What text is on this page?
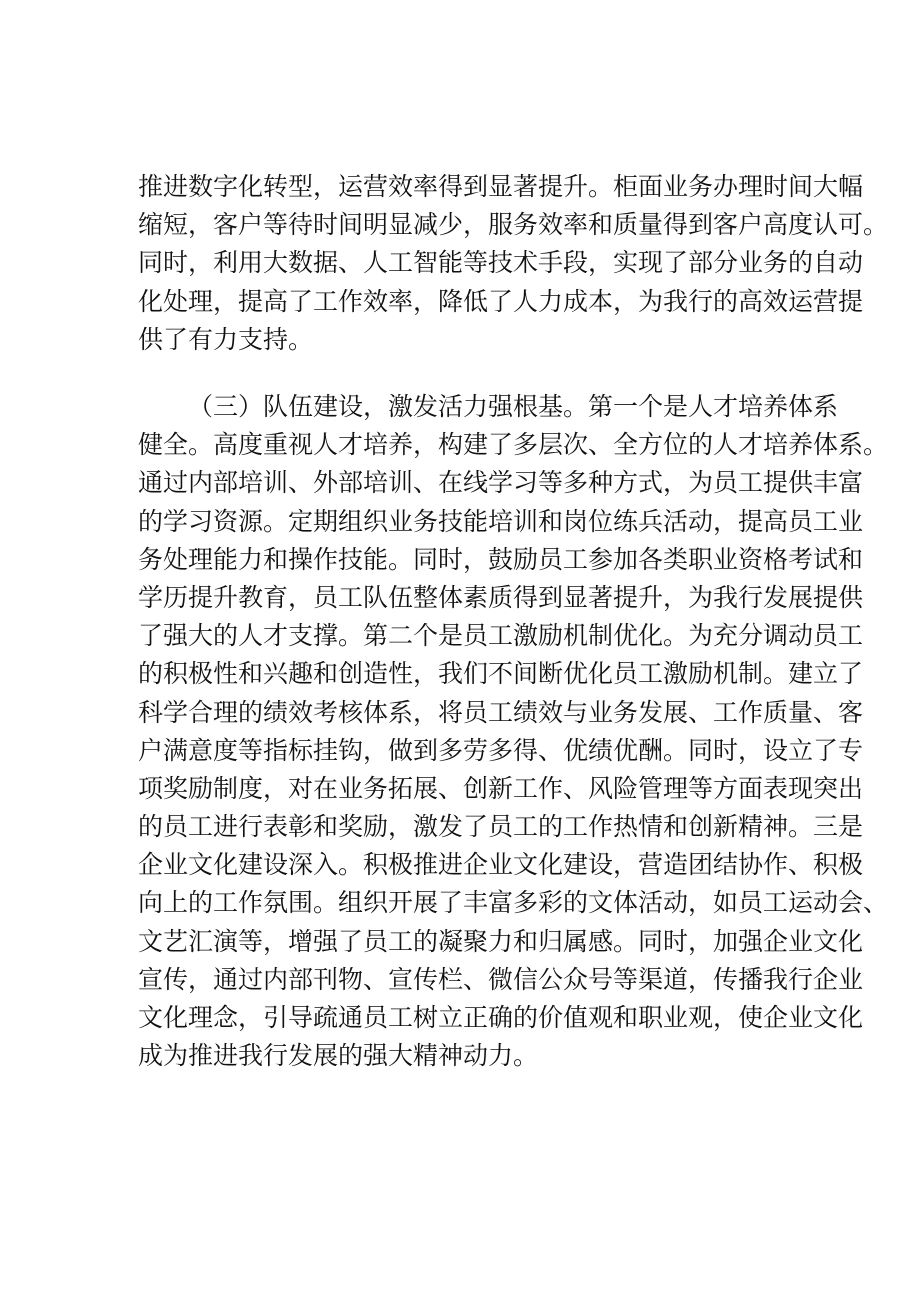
推进数字化转型，运营效率得到显著提升。柜面业务办理时间大幅
缩短，客户等待时间明显减少，服务效率和质量得到客户高度认可。
同时，利用大数据、人工智能等技术手段，实现了部分业务的自动
化处理，提高了工作效率，降低了人力成本，为我行的高效运营提
供了有力支持。
（三）队伍建设，激发活力强根基。第一个是人才培养体系
健全。高度重视人才培养，构建了多层次、全方位的人才培养体系。
通过内部培训、外部培训、在线学习等多种方式，为员工提供丰富
的学习资源。定期组织业务技能培训和岗位练兵活动，提高员工业
务处理能力和操作技能。同时，鼓励员工参加各类职业资格考试和
学历提升教育，员工队伍整体素质得到显著提升，为我行发展提供
了强大的人才支撑。第二个是员工激励机制优化。为充分调动员工
的积极性和兴趣和创造性，我们不间断优化员工激励机制。建立了
科学合理的绩效考核体系，将员工绩效与业务发展、工作质量、客
户满意度等指标挂钩，做到多劳多得、优绩优酬。同时，设立了专
项奖励制度，对在业务拓展、创新工作、风险管理等方面表现突出
的员工进行表彰和奖励，激发了员工的工作热情和创新精神。三是
企业文化建设深入。积极推进企业文化建设，营造团结协作、积极
向上的工作氛围。组织开展了丰富多彩的文体活动，如员工运动会、
文艺汇演等，增强了员工的凝聚力和归属感。同时，加强企业文化
宣传，通过内部刊物、宣传栏、微信公众号等渠道，传播我行企业
文化理念，引导疏通员工树立正确的价值观和职业观，使企业文化
成为推进我行发展的强大精神动力。
